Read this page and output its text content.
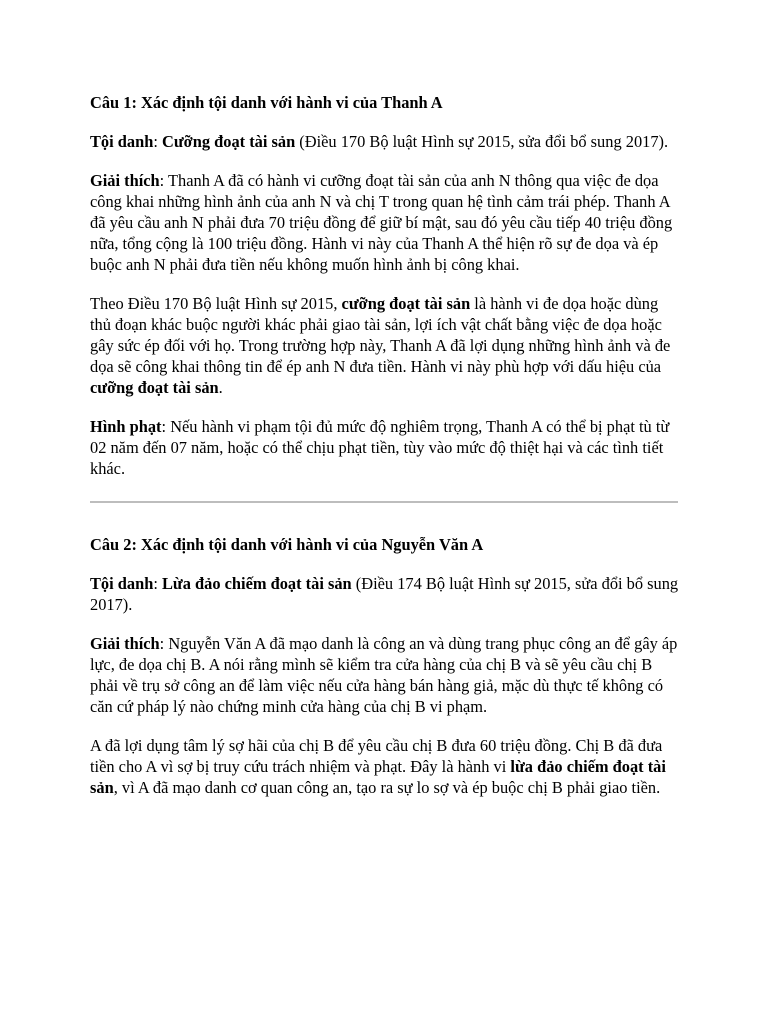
Câu 1: Xác định tội danh với hành vi của Thanh A

Tội danh: Cưỡng đoạt tài sản (Điều 170 Bộ luật Hình sự 2015, sửa đổi bổ sung 2017).

Giải thích: Thanh A đã có hành vi cưỡng đoạt tài sản của anh N thông qua việc đe dọa công khai những hình ảnh của anh N và chị T trong quan hệ tình cảm trái phép. Thanh A đã yêu cầu anh N phải đưa 70 triệu đồng để giữ bí mật, sau đó yêu cầu tiếp 40 triệu đồng nữa, tổng cộng là 100 triệu đồng. Hành vi này của Thanh A thể hiện rõ sự đe dọa và ép buộc anh N phải đưa tiền nếu không muốn hình ảnh bị công khai.

Theo Điều 170 Bộ luật Hình sự 2015, cưỡng đoạt tài sản là hành vi đe dọa hoặc dùng thủ đoạn khác buộc người khác phải giao tài sản, lợi ích vật chất bằng việc đe dọa hoặc gây sức ép đối với họ. Trong trường hợp này, Thanh A đã lợi dụng những hình ảnh và đe dọa sẽ công khai thông tin để ép anh N đưa tiền. Hành vi này phù hợp với dấu hiệu của cưỡng đoạt tài sản.

Hình phạt: Nếu hành vi phạm tội đủ mức độ nghiêm trọng, Thanh A có thể bị phạt tù từ 02 năm đến 07 năm, hoặc có thể chịu phạt tiền, tùy vào mức độ thiệt hại và các tình tiết khác.

Câu 2: Xác định tội danh với hành vi của Nguyễn Văn A

Tội danh: Lừa đảo chiếm đoạt tài sản (Điều 174 Bộ luật Hình sự 2015, sửa đổi bổ sung 2017).

Giải thích: Nguyễn Văn A đã mạo danh là công an và dùng trang phục công an để gây áp lực, đe dọa chị B. A nói rằng mình sẽ kiểm tra cửa hàng của chị B và sẽ yêu cầu chị B phải về trụ sở công an để làm việc nếu cửa hàng bán hàng giả, mặc dù thực tế không có căn cứ pháp lý nào chứng minh cửa hàng của chị B vi phạm.

A đã lợi dụng tâm lý sợ hãi của chị B để yêu cầu chị B đưa 60 triệu đồng. Chị B đã đưa tiền cho A vì sợ bị truy cứu trách nhiệm và phạt. Đây là hành vi lừa đảo chiếm đoạt tài sản, vì A đã mạo danh cơ quan công an, tạo ra sự lo sợ và ép buộc chị B phải giao tiền.
